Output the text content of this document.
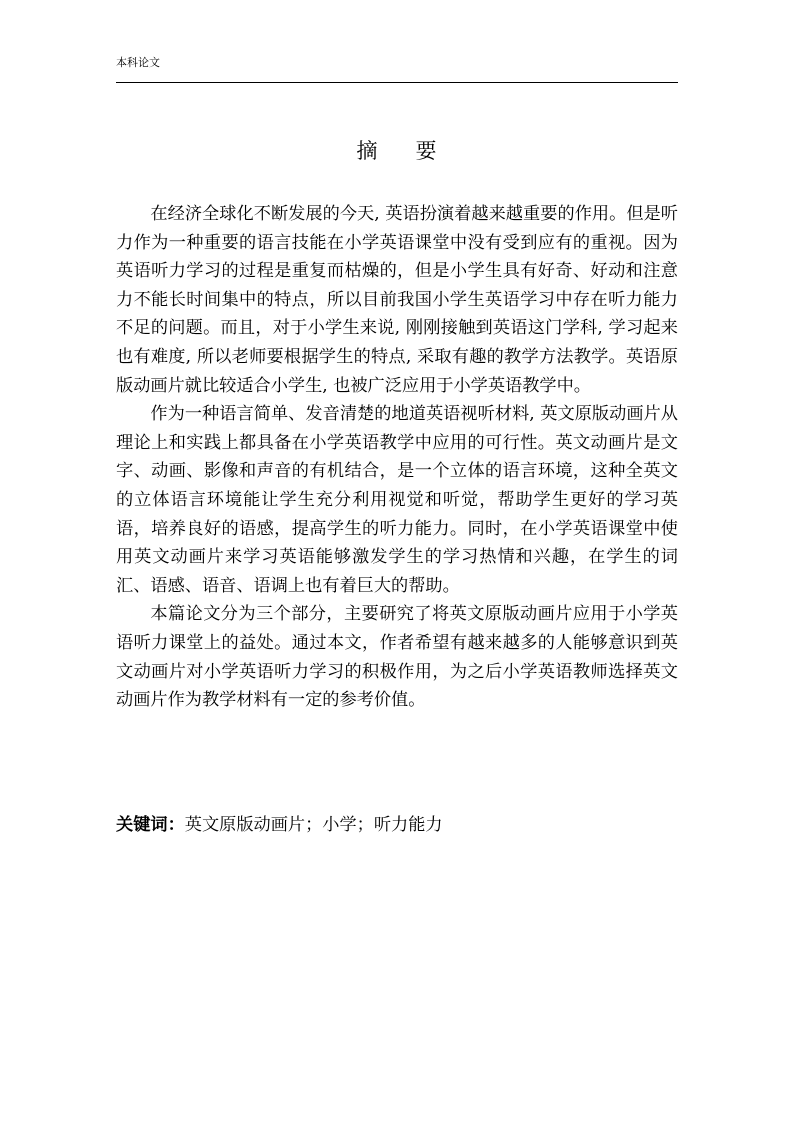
本科论文
摘要

在经济全球化不断发展的今天, 英语扮演着越来越重要的作用。但是听力作为一种重要的语言技能在小学英语课堂中没有受到应有的重视。因为英语听力学习的过程是重复而枯燥的，但是小学生具有好奇、好动和注意力不能长时间集中的特点，所以目前我国小学生英语学习中存在听力能力不足的问题。而且，对于小学生来说, 刚刚接触到英语这门学科, 学习起来也有难度, 所以老师要根据学生的特点, 采取有趣的教学方法教学。英语原版动画片就比较适合小学生, 也被广泛应用于小学英语教学中。

作为一种语言简单、发音清楚的地道英语视听材料, 英文原版动画片从理论上和实践上都具备在小学英语教学中应用的可行性。英文动画片是文字、动画、影像和声音的有机结合，是一个立体的语言环境，这种全英文的立体语言环境能让学生充分利用视觉和听觉，帮助学生更好的学习英语，培养良好的语感，提高学生的听力能力。同时，在小学英语课堂中使用英文动画片来学习英语能够激发学生的学习热情和兴趣，在学生的词汇、语感、语音、语调上也有着巨大的帮助。

本篇论文分为三个部分，主要研究了将英文原版动画片应用于小学英语听力课堂上的益处。通过本文，作者希望有越来越多的人能够意识到英文动画片对小学英语听力学习的积极作用，为之后小学英语教师选择英文动画片作为教学材料有一定的参考价值。

关键词：英文原版动画片；小学；听力能力
